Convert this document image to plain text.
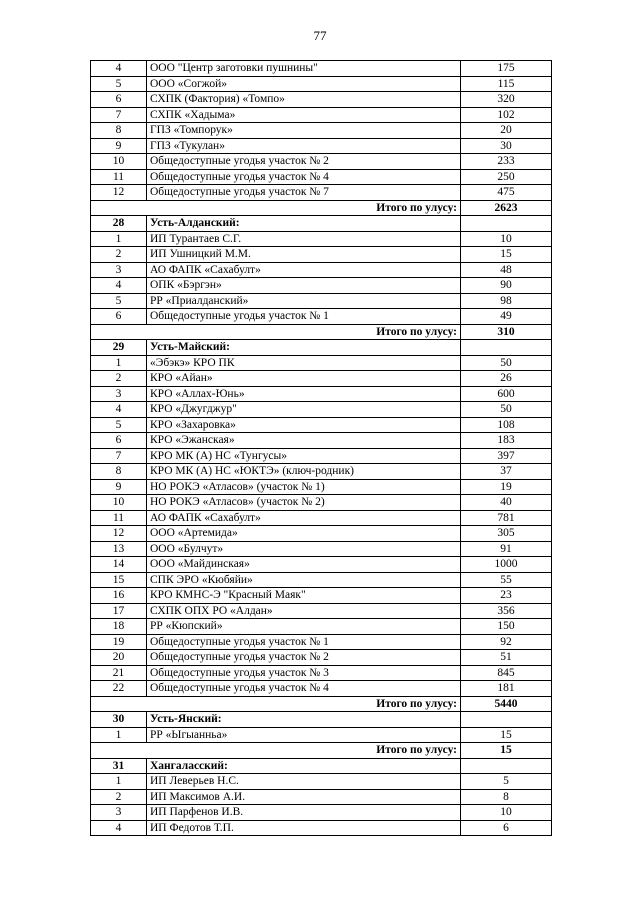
77
4	ООО "Центр заготовки пушнины"	175
5	ООО «Согжой»	115
6	СХПК (Фактория) «Томпо»	320
7	СХПК «Хадыма»	102
8	ГПЗ «Томпорук»	20
9	ГПЗ «Тукулан»	30
10	Общедоступные угодья участок № 2	233
11	Общедоступные угодья участок № 4	250
12	Общедоступные угодья участок № 7	475
Итого по улусу:		2623
28	Усть-Алданский:	
1	ИП Турантаев С.Г.	10
2	ИП Ушницкий М.М.	15
3	АО ФАПК «Сахабулт»	48
4	ОПК «Бэргэн»	90
5	РР «Приалданский»	98
6	Общедоступные угодья участок № 1	49
Итого по улусу:		310
29	Усть-Майский:	
1	«Эбэкэ» КРО ПК	50
2	КРО «Айан»	26
3	КРО «Аллах-Юнь»	600
4	КРО «Джугджур"	50
5	КРО «Захаровка»	108
6	КРО «Эжанская»	183
7	КРО МК (А) НС «Тунгусы»	397
8	КРО МК (А) НС «ЮКТЭ» (ключ-родник)	37
9	НО РОКЭ «Атласов» (участок № 1)	19
10	НО РОКЭ «Атласов» (участок № 2)	40
11	АО ФАПК «Сахабулт»	781
12	ООО «Артемида»	305
13	ООО «Булчут»	91
14	ООО «Майдинская»	1000
15	СПК ЭРО «Кюбяйи»	55
16	КРО КМНС-Э "Красный Маяк"	23
17	СХПК ОПХ РО «Алдан»	356
18	РР «Кюпский»	150
19	Общедоступные угодья участок № 1	92
20	Общедоступные угодья участок № 2	51
21	Общедоступные угодья участок № 3	845
22	Общедоступные угодья участок № 4	181
Итого по улусу:		5440
30	Усть-Янский:	
1	РР «Ыгыанньа»	15
Итого по улусу:		15
31	Хангаласский:	
1	ИП Леверьев Н.С.	5
2	ИП Максимов А.И.	8
3	ИП Парфенов И.В.	10
4	ИП Федотов Т.П.	6
